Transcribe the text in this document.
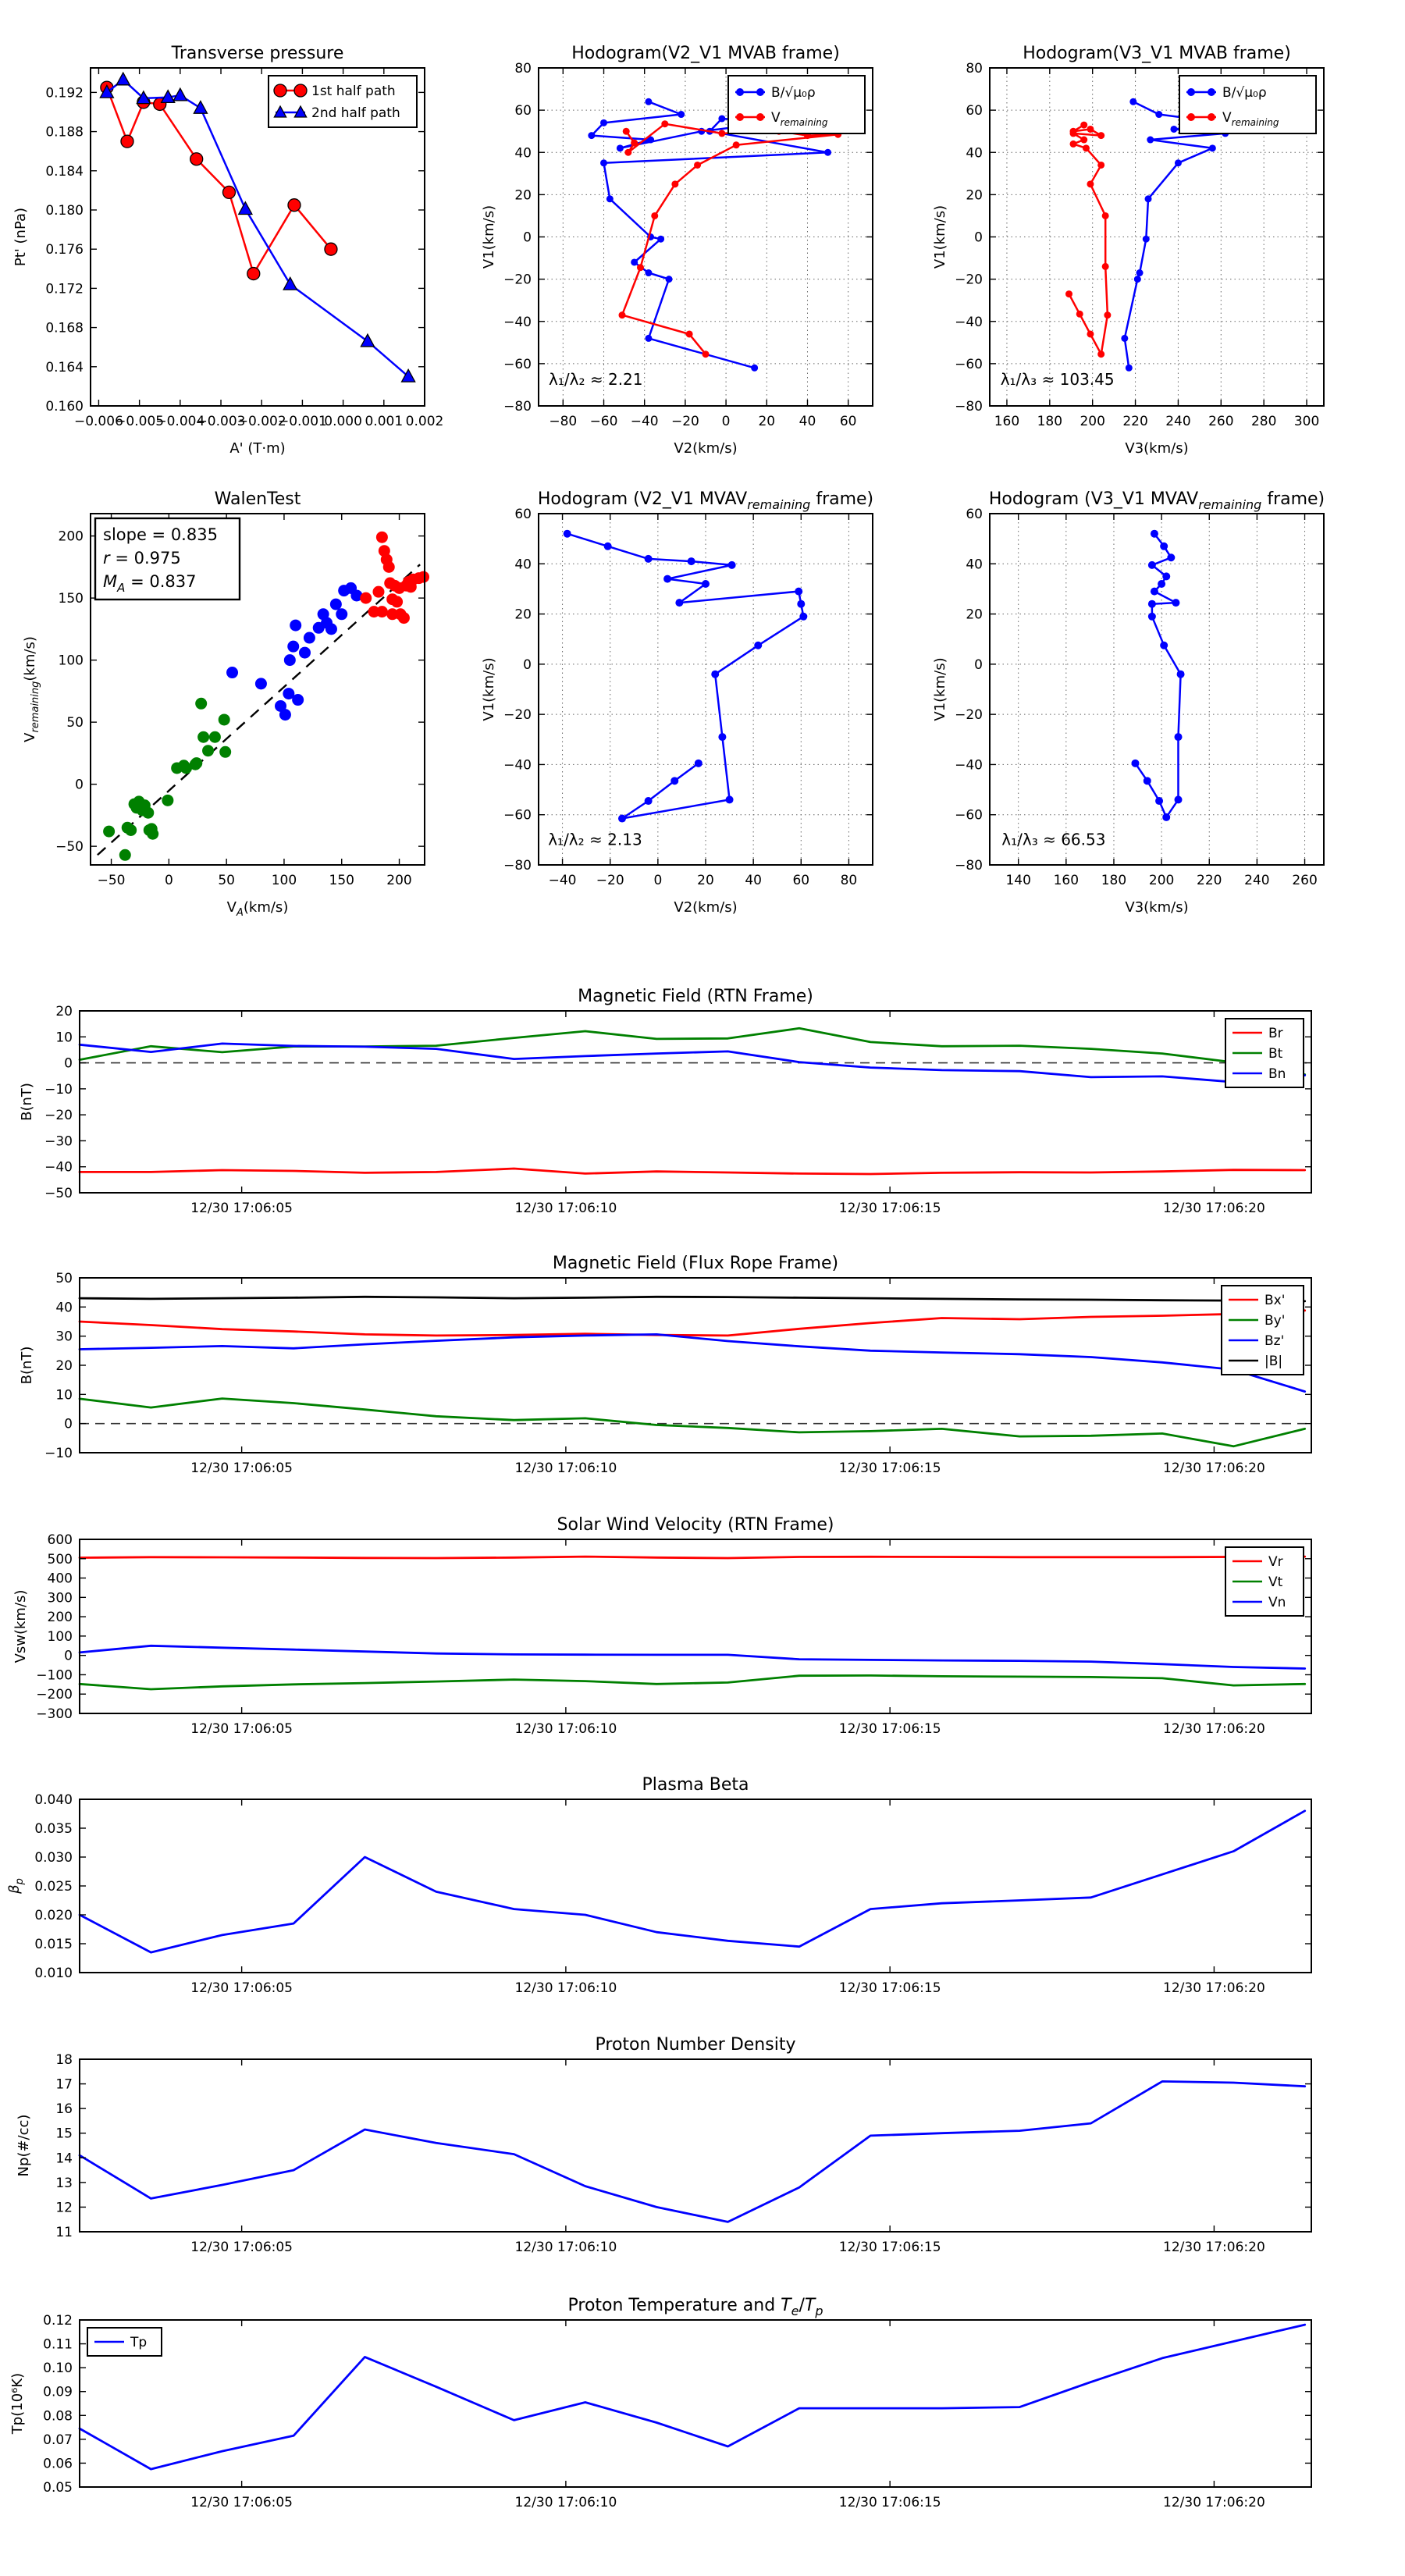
−0.006
−0.005
−0.004
−0.003
−0.002
−0.001
0.000 0.001 0.002
0.160
0.164
0.168
0.172
0.176
0.180
0.184
0.188
0.192
Transverse pressure
A' (T·m)
Pt' (nPa)
1st half path
2nd half path
−80 −60 −40 −20 0 20 40 60
−80
−60
−40
−20
0
20
40
60
80
Hodogram(V2_V1 MVAB frame)
V2(km/s)
V1(km/s)
λ₁/λ₂ ≈ 2.21
B/√μ₀ρ
$V_{remaining}$
160 180 200 220 240 260 280 300
−80
−60
−40
−20
0
20
40
60
80
Hodogram(V3_V1 MVAB frame)
V3(km/s)
V1(km/s)
λ₁/λ₃ ≈ 103.45
B/√μ₀ρ
$V_{remaining}$
−50	0	50	100 150 200
−50
0
50
100
150
200
WalenTest
$V_A(km/s)$
$V_{remaining}(km/s)$
slope = 0.835
r = 0.975
$M_A = 0.837$
−40 −20 0	20 40 60 80
−80
−60
−40
−20
0
20
40
60
Hodogram (V2_V1 $MVAV_{remaining}$ frame)
V2(km/s)
V1(km/s)
λ₁/λ₂ ≈ 2.13
140 160 180 200 220 240 260
−80
−60
−40
−20
0
20
40
60
Hodogram (V3_V1 $MVAV_{remaining}$ frame)
V3(km/s)
V1(km/s)
λ₁/λ₃ ≈ 66.53
12/30 17:06:05	12/30 17:06:10	12/30 17:06:15	12/30 17:06:20
−50
−40
−30
−20
−10
0
10
20
Magnetic Field (RTN Frame)
B(nT)
Br
Bt
Bn
12/30 17:06:05	12/30 17:06:10	12/30 17:06:15	12/30 17:06:20
−10
0
10
20
30
40
50
Magnetic Field (Flux Rope Frame)
B(nT)
Bx'
By'
Bz'
|B|
12/30 17:06:05	12/30 17:06:10	12/30 17:06:15	12/30 17:06:20
−300
−200
−100
0
100
200
300
400
500
600
Solar Wind Velocity (RTN Frame)
Vsw(km/s)
Vr
Vt
Vn
12/30 17:06:05	12/30 17:06:10	12/30 17:06:15	12/30 17:06:20
0.010
0.015
0.020
0.025
0.030
0.035
0.040
Plasma Beta
$\beta_p$
12/30 17:06:05	12/30 17:06:10	12/30 17:06:15	12/30 17:06:20
11
12
13
14
15
16
17
18
Proton Number Density
Np(#/cc)
12/30 17:06:05	12/30 17:06:10	12/30 17:06:15	12/30 17:06:20
0.05
0.06
0.07
0.08
0.09
0.10
0.11
0.12
Proton Temperature and $T_e/T_p$
Tp(10⁶K)
Tp
